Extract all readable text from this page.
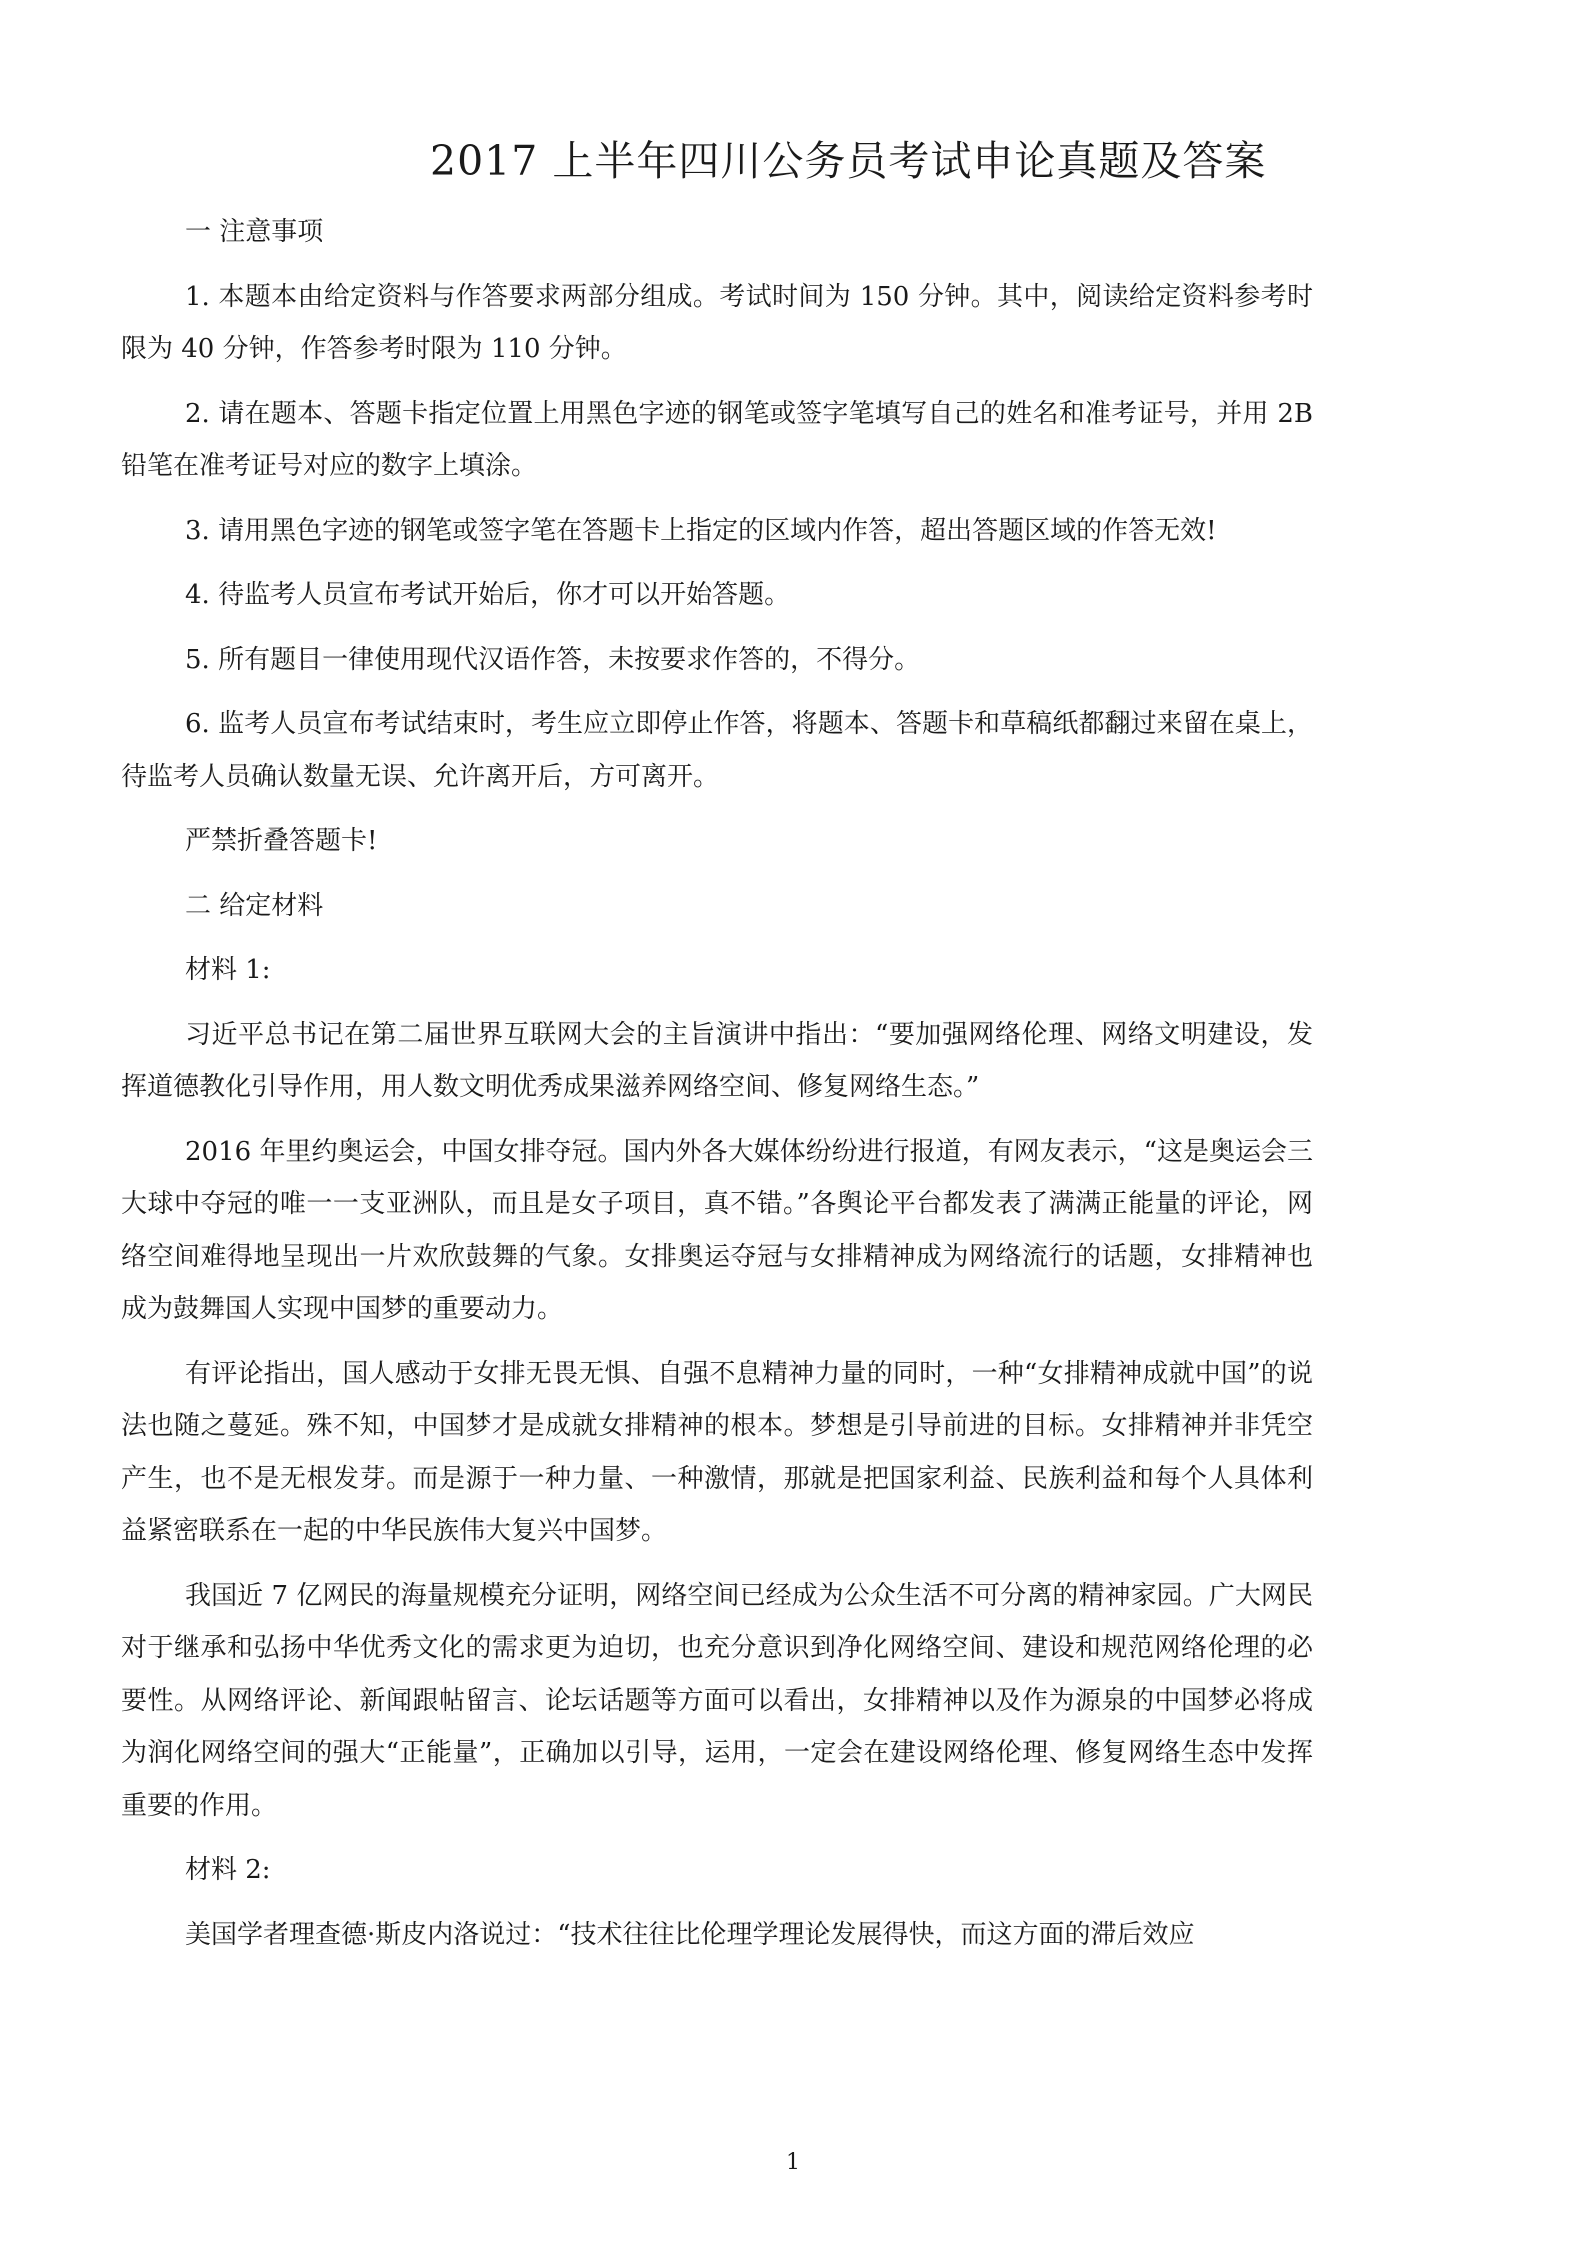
2017 上半年四川公务员考试申论真题及答案

一 注意事项

1. 本题本由给定资料与作答要求两部分组成。考试时间为 150 分钟。其中，阅读给定资料参考时限为 40 分钟，作答参考时限为 110 分钟。

2. 请在题本、答题卡指定位置上用黑色字迹的钢笔或签字笔填写自己的姓名和准考证号，并用 2B 铅笔在准考证号对应的数字上填涂。

3. 请用黑色字迹的钢笔或签字笔在答题卡上指定的区域内作答，超出答题区域的作答无效!

4. 待监考人员宣布考试开始后，你才可以开始答题。

5. 所有题目一律使用现代汉语作答，未按要求作答的，不得分。

6. 监考人员宣布考试结束时，考生应立即停止作答，将题本、答题卡和草稿纸都翻过来留在桌上，待监考人员确认数量无误、允许离开后，方可离开。

严禁折叠答题卡!

二 给定材料

材料 1:

习近平总书记在第二届世界互联网大会的主旨演讲中指出：“要加强网络伦理、网络文明建设，发挥道德教化引导作用，用人数文明优秀成果滋养网络空间、修复网络生态。”

2016 年里约奥运会，中国女排夺冠。国内外各大媒体纷纷进行报道，有网友表示，“这是奥运会三大球中夺冠的唯一一支亚洲队，而且是女子项目，真不错。”各舆论平台都发表了满满正能量的评论，网络空间难得地呈现出一片欢欣鼓舞的气象。女排奥运夺冠与女排精神成为网络流行的话题，女排精神也成为鼓舞国人实现中国梦的重要动力。

有评论指出，国人感动于女排无畏无惧、自强不息精神力量的同时，一种“女排精神成就中国”的说法也随之蔓延。殊不知，中国梦才是成就女排精神的根本。梦想是引导前进的目标。女排精神并非凭空产生，也不是无根发芽。而是源于一种力量、一种激情，那就是把国家利益、民族利益和每个人具体利益紧密联系在一起的中华民族伟大复兴中国梦。

我国近 7 亿网民的海量规模充分证明，网络空间已经成为公众生活不可分离的精神家园。广大网民对于继承和弘扬中华优秀文化的需求更为迫切，也充分意识到净化网络空间、建设和规范网络伦理的必要性。从网络评论、新闻跟帖留言、论坛话题等方面可以看出，女排精神以及作为源泉的中国梦必将成为润化网络空间的强大“正能量”，正确加以引导，运用，一定会在建设网络伦理、修复网络生态中发挥重要的作用。

材料 2:

美国学者理查德·斯皮内洛说过：“技术往往比伦理学理论发展得快，而这方面的滞后效应

1
